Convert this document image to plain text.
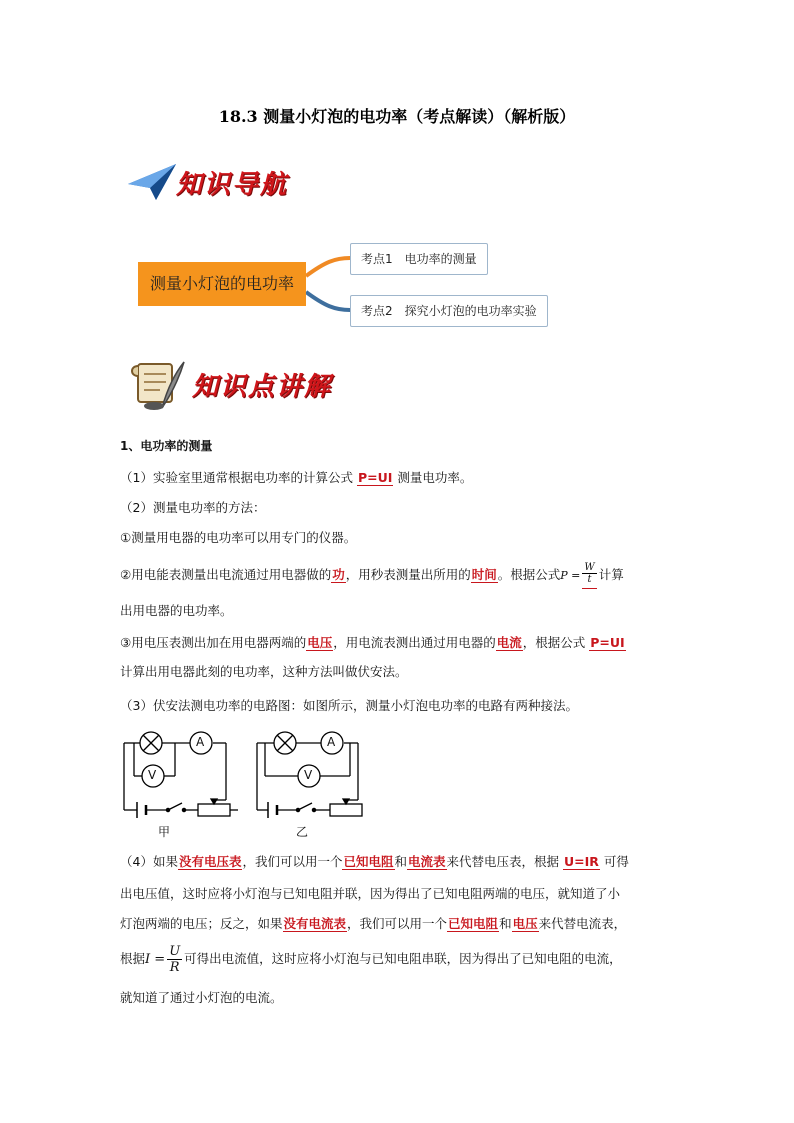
18.3 测量小灯泡的电功率（考点解读）（解析版）
知识导航
测量小灯泡的电功率
考点1 电功率的测量
考点2 探究小灯泡的电功率实验
知识点讲解
1、电功率的测量
（1）实验室里通常根据电功率的计算公式 P=UI 测量电功率。
（2）测量电功率的方法：
①测量用电器的电功率可以用专门的仪器。
②用电能表测量出电流通过用电器做的功，用秒表测量出所用的时间。根据公式$P = \frac{W}{t}$ 计算
出用电器的电功率。
③用电压表测出加在用电器两端的电压，用电流表测出通过用电器的电流，根据公式 P=UI
计算出用电器此刻的电功率，这种方法叫做伏安法。
（3）伏安法测电功率的电路图：如图所示，测量小灯泡电功率的电路有两种接法。
A
V
A
V
甲	乙
（4）如果没有电压表，我们可以用一个已知电阻和电流表来代替电压表，根据 U=IR 可得
出电压值，这时应将小灯泡与已知电阻并联，因为得出了已知电阻两端的电压，就知道了小
灯泡两端的电压；反之，如果没有电流表，我们可以用一个已知电阻和电压来代替电流表，
根据$I = \frac{U}{R}$ 可得出电流值，这时应将小灯泡与已知电阻串联，因为得出了已知电阻的电流，
就知道了通过小灯泡的电流。
